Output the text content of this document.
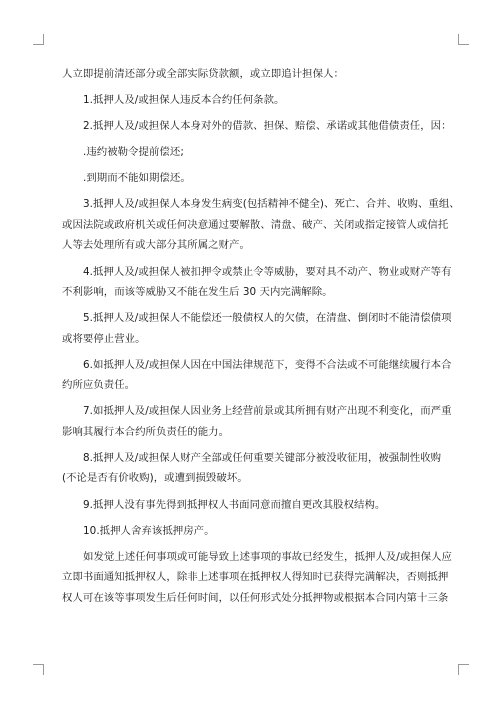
人立即提前清还部分或全部实际贷款额，或立即追计担保人：
1.抵押人及/或担保人违反本合约任何条款。
2.抵押人及/或担保人本身对外的借款、担保、赔偿、承诺或其他借债责任，因：
.违约被勒令提前偿还;
.到期而不能如期偿还。
3.抵押人及/或担保人本身发生病变(包括精神不健全)、死亡、合并、收购、重组、
或因法院或政府机关或任何决意通过要解散、清盘、破产、关闭或指定接管人或信托
人等去处理所有或大部分其所属之财产。
4.抵押人及/或担保人被扣押令或禁止令等威胁，要对具不动产、物业或财产等有
不利影响，而该等威胁又不能在发生后 30 天内完满解除。
5.抵押人及/或担保人不能偿还一般债权人的欠债，在清盘、倒闭时不能清偿债项
或将要停止营业。
6.如抵押人及/或担保人因在中国法律规范下，变得不合法或不可能继续履行本合
约所应负责任。
7.如抵押人及/或担保人因业务上经营前景或其所拥有财产出现不利变化，而严重
影响其履行本合约所负责任的能力。
8.抵押人及/或担保人财产全部或任何重要关键部分被没收征用，被强制性收购
(不论是否有价收购)，或遭到损毁破坏。
9.抵押人没有事先得到抵押权人书面同意而擅自更改其股权结构。
10.抵押人舍弃该抵押房产。
如发觉上述任何事项或可能导致上述事项的事故已经发生，抵押人及/或担保人应
立即书面通知抵押权人，除非上述事项在抵押权人得知时已获得完满解决，否则抵押
权人可在该等事项发生后任何时间，以任何形式处分抵押物或根据本合同内第十三条
